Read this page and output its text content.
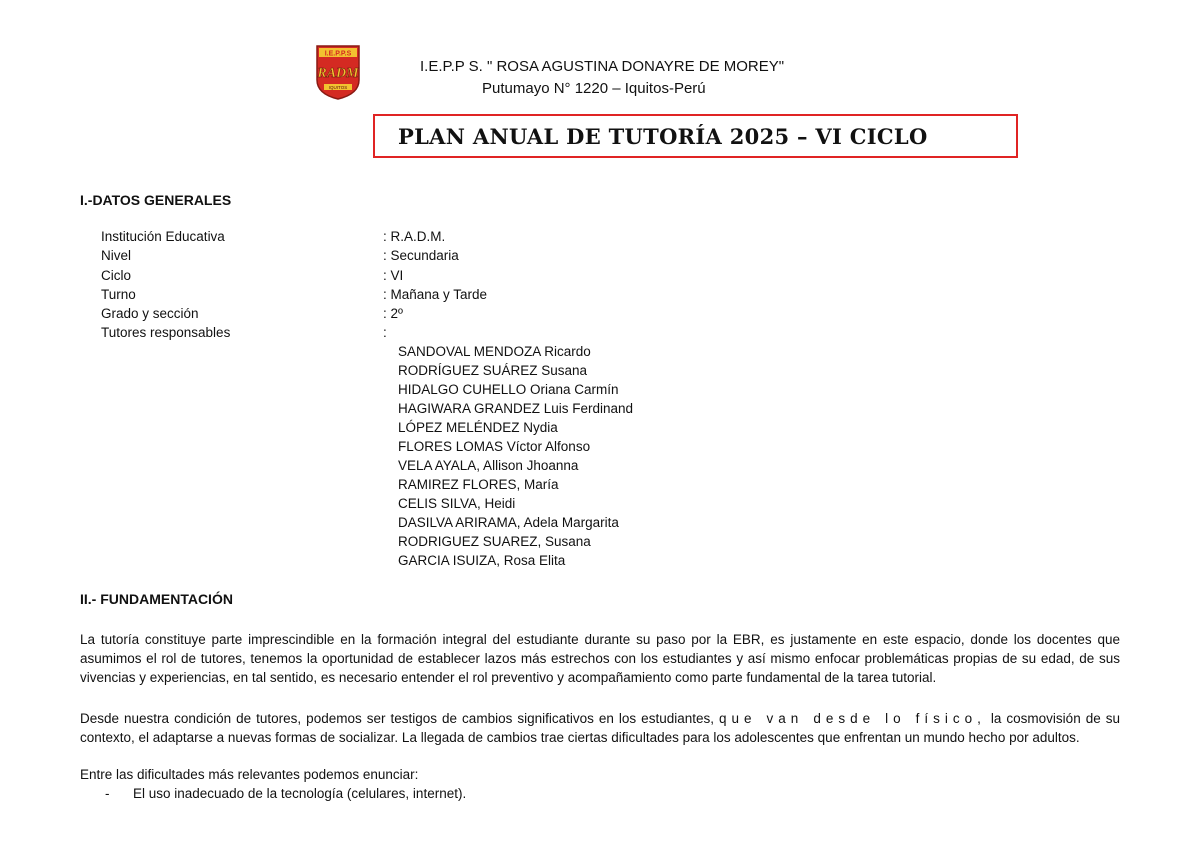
I.E.P.P.S
RADM
IQUITOS
I.E.P.P S. " ROSA AGUSTINA DONAYRE DE MOREY"
Putumayo N° 1220 – Iquitos-Perú
PLAN ANUAL DE TUTORÍA 2025 – VI CICLO
I.-DATOS GENERALES
Institución Educativa	: R.A.D.M.
Nivel	: Secundaria
Ciclo	: VI
Turno	: Mañana y Tarde
Grado y sección	: 2º
Tutores responsables	:
SANDOVAL MENDOZA Ricardo
RODRÍGUEZ SUÁREZ Susana
HIDALGO CUHELLO Oriana Carmín
HAGIWARA GRANDEZ Luis Ferdinand
LÓPEZ MELÉNDEZ Nydia
FLORES LOMAS Víctor Alfonso
VELA AYALA, Allison Jhoanna
RAMIREZ FLORES, María
CELIS SILVA, Heidi
DASILVA ARIRAMA, Adela Margarita
RODRIGUEZ SUAREZ, Susana
GARCIA ISUIZA, Rosa Elita
II.- FUNDAMENTACIÓN
La tutoría constituye parte imprescindible en la formación integral del estudiante durante su paso por la EBR, es justamente en este espacio, donde los docentes que asumimos el rol de tutores, tenemos la oportunidad de establecer lazos más estrechos con los estudiantes y así mismo enfocar problemáticas propias de su edad, de sus vivencias y experiencias, en tal sentido, es necesario entender el rol preventivo y acompañamiento como parte fundamental de la tarea tutorial.
Desde nuestra condición de tutores, podemos ser testigos de cambios significativos en los estudiantes, que van desde lo físico, la cosmovisión de su contexto, el adaptarse a nuevas formas de socializar. La llegada de cambios trae ciertas dificultades para los adolescentes que enfrentan un mundo hecho por adultos.
Entre las dificultades más relevantes podemos enunciar:
- El uso inadecuado de la tecnología (celulares, internet).
